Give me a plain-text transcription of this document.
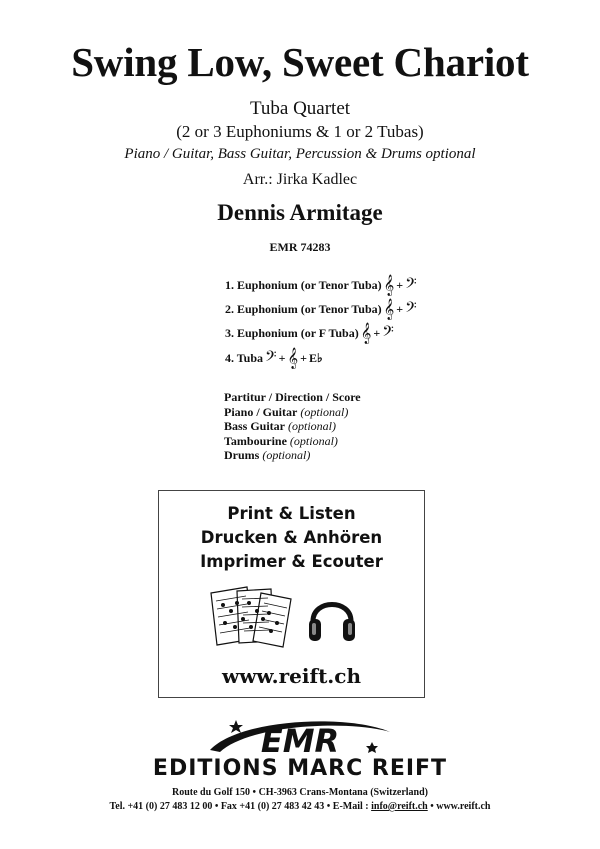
Swing Low, Sweet Chariot
Tuba Quartet
(2 or 3 Euphoniums & 1 or 2 Tubas)
Piano / Guitar, Bass Guitar, Percussion & Drums optional
Arr.: Jirka Kadlec
Dennis Armitage
EMR 74283
1. Euphonium (or Tenor Tuba) 𝄞 + 𝄢
2. Euphonium (or Tenor Tuba) 𝄞 + 𝄢
3. Euphonium (or F Tuba) 𝄞 + 𝄢
4. Tuba 𝄢 + 𝄞 + E♭
Partitur / Direction / Score
Piano / Guitar (optional)
Bass Guitar (optional)
Tambourine (optional)
Drums (optional)
Print & Listen
Drucken & Anhören
Imprimer & Ecouter
www.reift.ch
EMR
EDITIONS MARC REIFT
Route du Golf 150 • CH-3963 Crans-Montana (Switzerland)
Tel. +41 (0) 27 483 12 00 • Fax +41 (0) 27 483 42 43 • E-Mail : info@reift.ch • www.reift.ch
